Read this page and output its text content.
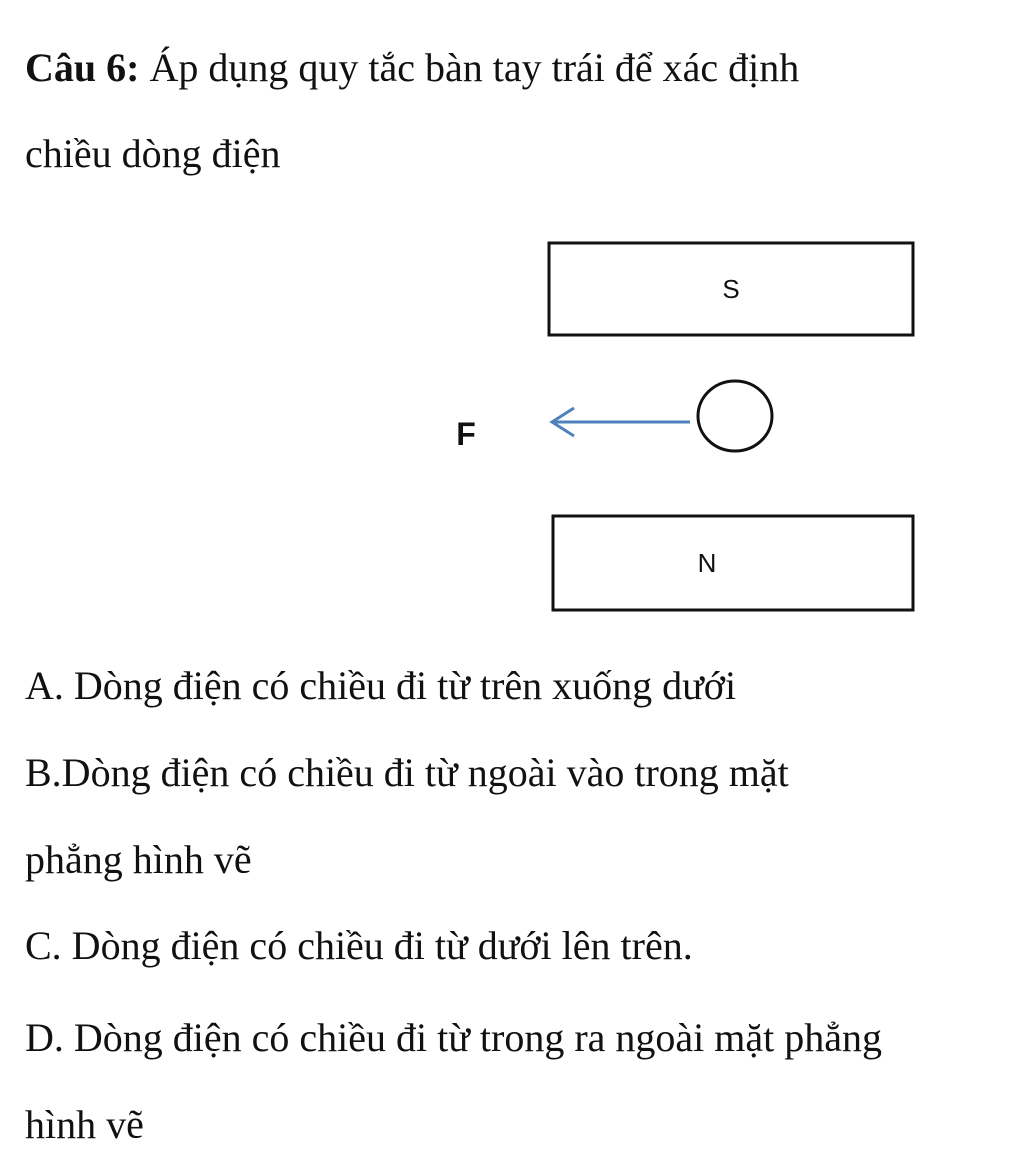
Câu 6: Áp dụng quy tắc bàn tay trái để xác định

chiều dòng điện

S
F
N

A. Dòng điện có chiều đi từ trên xuống dưới

B.Dòng điện có chiều đi từ ngoài vào trong mặt

phẳng hình vẽ

C. Dòng điện có chiều đi từ dưới lên trên.

D. Dòng điện có chiều đi từ trong ra ngoài mặt phẳng

hình vẽ
